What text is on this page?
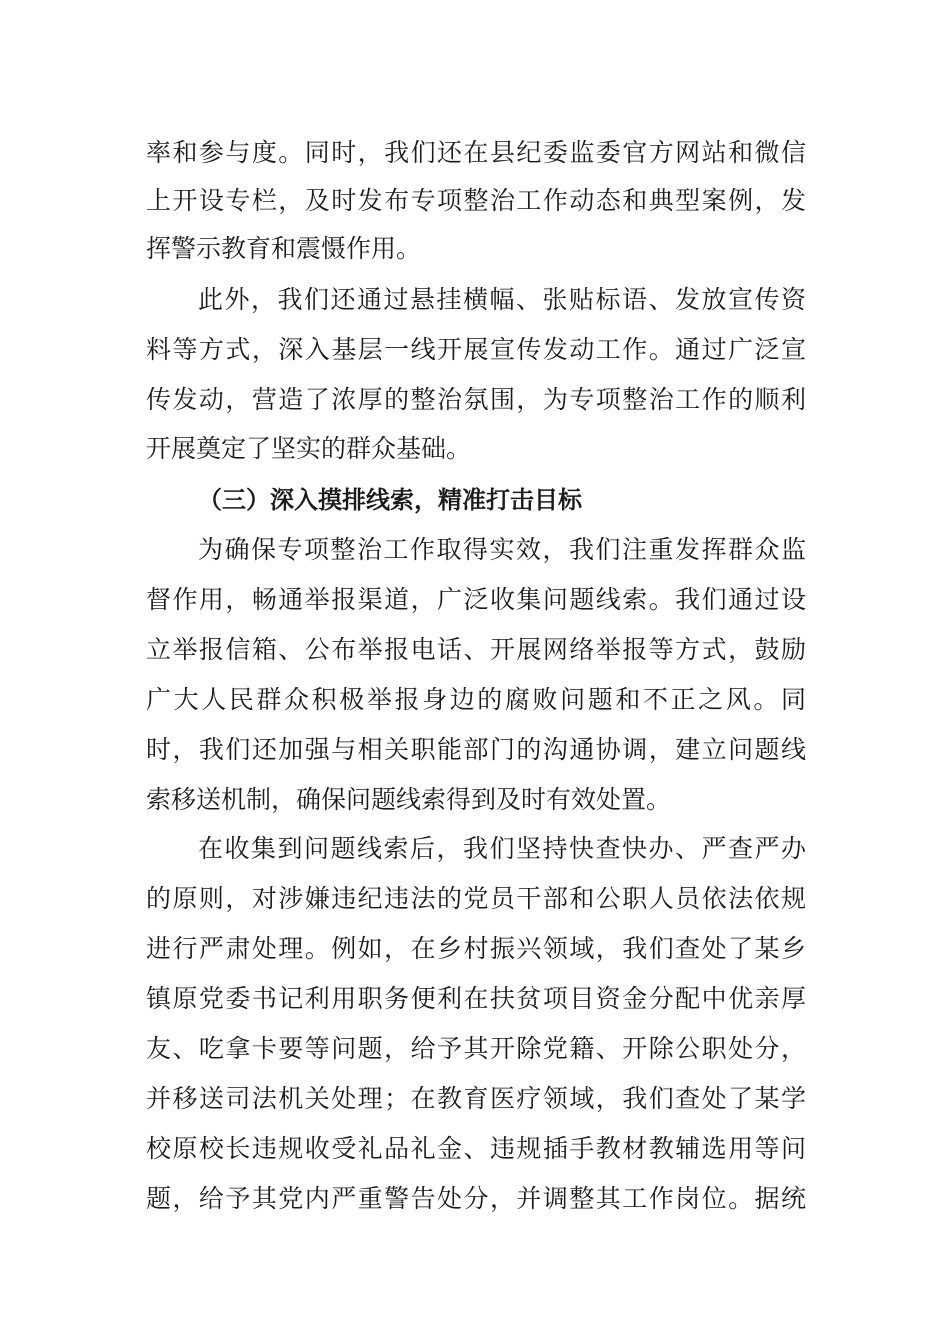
率和参与度。同时，我们还在县纪委监委官方网站和微信
上开设专栏，及时发布专项整治工作动态和典型案例，发
挥警示教育和震慑作用。
此外，我们还通过悬挂横幅、张贴标语、发放宣传资
料等方式，深入基层一线开展宣传发动工作。通过广泛宣
传发动，营造了浓厚的整治氛围，为专项整治工作的顺利
开展奠定了坚实的群众基础。
（三）深入摸排线索，精准打击目标
为确保专项整治工作取得实效，我们注重发挥群众监
督作用，畅通举报渠道，广泛收集问题线索。我们通过设
立举报信箱、公布举报电话、开展网络举报等方式，鼓励
广大人民群众积极举报身边的腐败问题和不正之风。同
时，我们还加强与相关职能部门的沟通协调，建立问题线
索移送机制，确保问题线索得到及时有效处置。
在收集到问题线索后，我们坚持快查快办、严查严办
的原则，对涉嫌违纪违法的党员干部和公职人员依法依规
进行严肃处理。例如，在乡村振兴领域，我们查处了某乡
镇原党委书记利用职务便利在扶贫项目资金分配中优亲厚
友、吃拿卡要等问题，给予其开除党籍、开除公职处分，
并移送司法机关处理；在教育医疗领域，我们查处了某学
校原校长违规收受礼品礼金、违规插手教材教辅选用等问
题，给予其党内严重警告处分，并调整其工作岗位。据统
